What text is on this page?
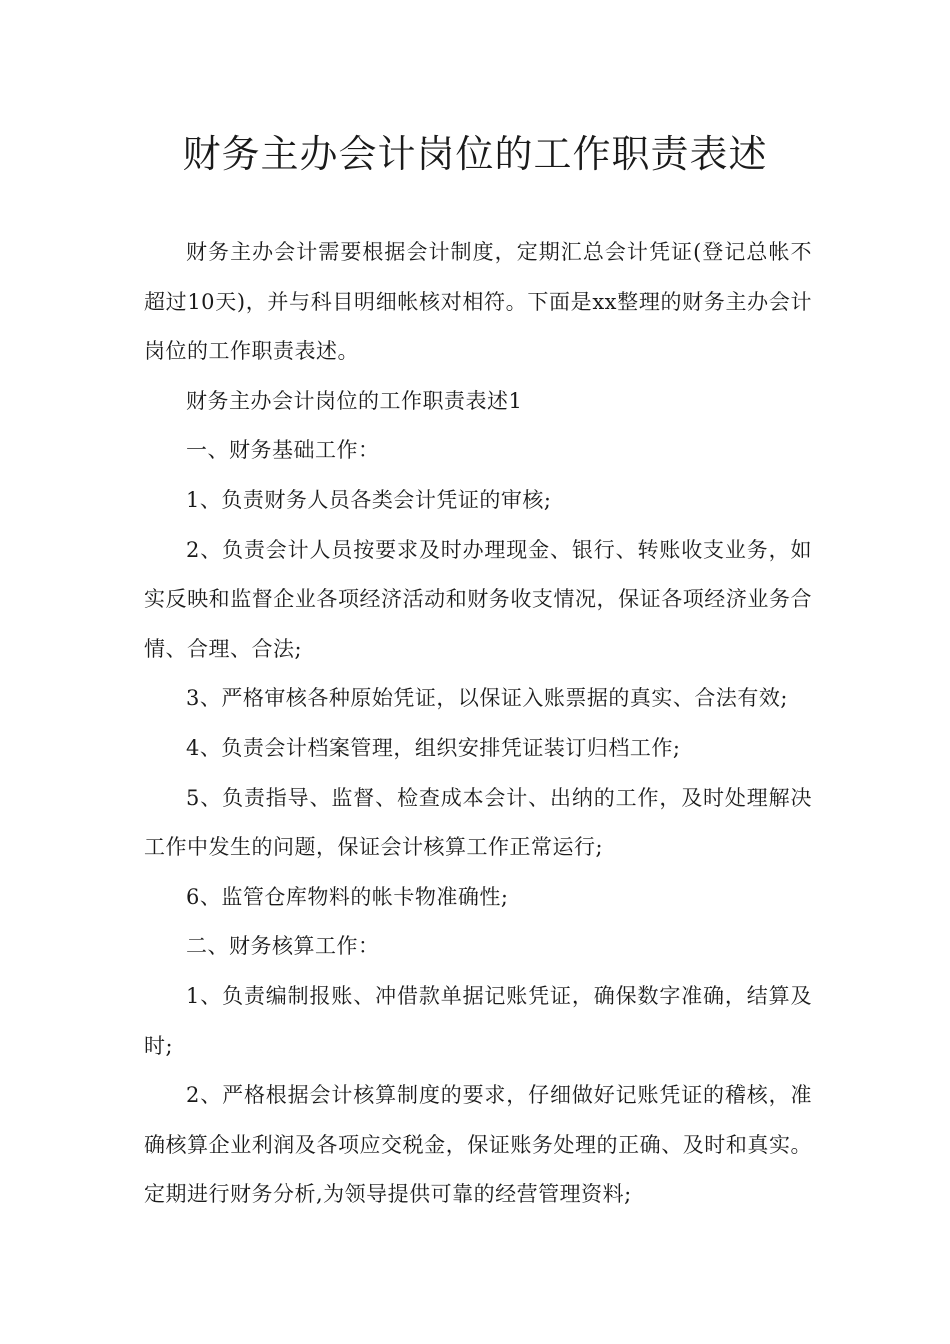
财务主办会计岗位的工作职责表述

财务主办会计需要根据会计制度，定期汇总会计凭证(登记总帐不超过10天)，并与科目明细帐核对相符。下面是xx整理的财务主办会计岗位的工作职责表述。

财务主办会计岗位的工作职责表述1

一、财务基础工作：

1、负责财务人员各类会计凭证的审核;

2、负责会计人员按要求及时办理现金、银行、转账收支业务，如实反映和监督企业各项经济活动和财务收支情况，保证各项经济业务合情、合理、合法;

3、严格审核各种原始凭证，以保证入账票据的真实、合法有效;

4、负责会计档案管理，组织安排凭证装订归档工作;

5、负责指导、监督、检查成本会计、出纳的工作，及时处理解决工作中发生的问题，保证会计核算工作正常运行;

6、监管仓库物料的帐卡物准确性;

二、财务核算工作：

1、负责编制报账、冲借款单据记账凭证，确保数字准确，结算及时;

2、严格根据会计核算制度的要求，仔细做好记账凭证的稽核，准确核算企业利润及各项应交税金，保证账务处理的正确、及时和真实。定期进行财务分析,为领导提供可靠的经营管理资料;
